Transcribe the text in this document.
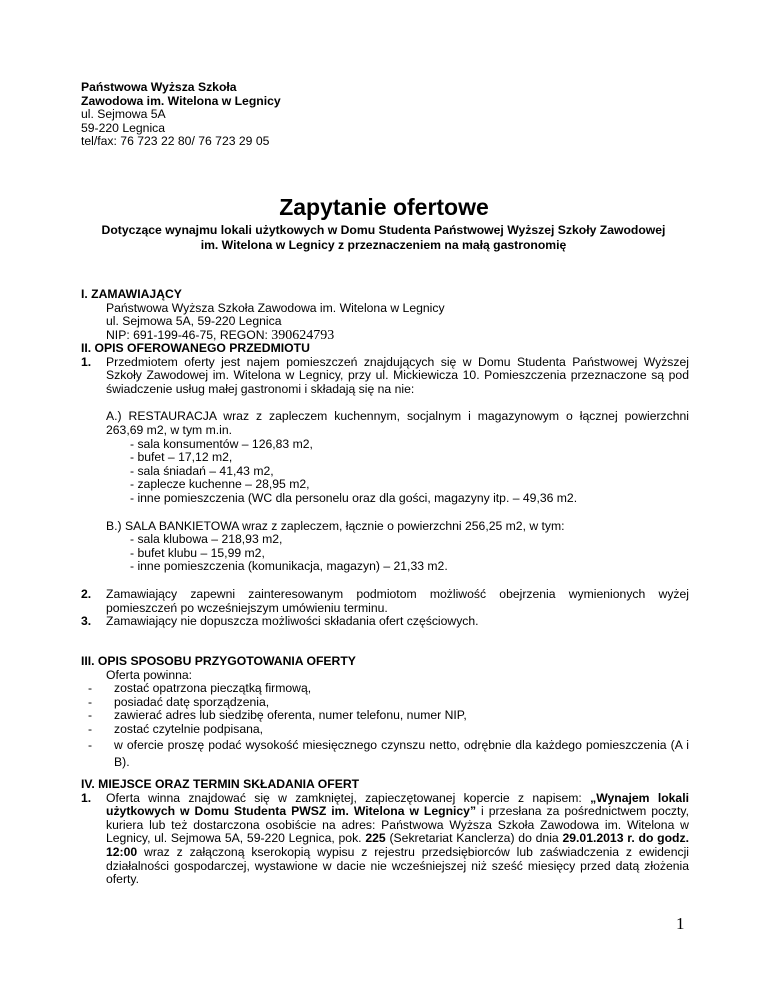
Państwowa Wyższa Szkoła
Zawodowa im. Witelona w Legnicy
ul. Sejmowa 5A
59-220 Legnica
tel/fax: 76 723 22 80/ 76 723 29 05
Zapytanie ofertowe
Dotyczące wynajmu lokali użytkowych w Domu Studenta Państwowej Wyższej Szkoły Zawodowej
im. Witelona w Legnicy z przeznaczeniem na małą gastronomię
I. ZAMAWIAJĄCY
Państwowa Wyższa Szkoła Zawodowa im. Witelona w Legnicy
ul. Sejmowa 5A, 59-220 Legnica
NIP: 691-199-46-75, REGON: 390624793
II. OPIS OFEROWANEGO PRZEDMIOTU
1. Przedmiotem oferty jest najem pomieszczeń znajdujących się w Domu Studenta Państwowej Wyższej Szkoły Zawodowej im. Witelona w Legnicy, przy ul. Mickiewicza 10. Pomieszczenia przeznaczone są pod świadczenie usług małej gastronomi i składają się na nie:

A.) RESTAURACJA wraz z zapleczem kuchennym, socjalnym i magazynowym o łącznej powierzchni 263,69 m2, w tym m.in.

- sala konsumentów – 126,83 m2,
- bufet – 17,12 m2,
- sala śniadań – 41,43 m2,
- zaplecze kuchenne – 28,95 m2,
- inne pomieszczenia (WC dla personelu oraz dla gości, magazyny itp. – 49,36 m2.

B.) SALA BANKIETOWA wraz z zapleczem, łącznie o powierzchni 256,25 m2, w tym:

- sala klubowa – 218,93 m2,
- bufet klubu – 15,99 m2,
- inne pomieszczenia (komunikacja, magazyn) – 21,33 m2.
2. Zamawiający zapewni zainteresowanym podmiotom możliwość obejrzenia wymienionych wyżej pomieszczeń po wcześniejszym umówieniu terminu.

3. Zamawiający nie dopuszcza możliwości składania ofert częściowych.

III. OPIS SPOSOBU PRZYGOTOWANIA OFERTY
Oferta powinna:
- zostać opatrzona pieczątką firmową,
- posiadać datę sporządzenia,
- zawierać adres lub siedzibę oferenta, numer telefonu, numer NIP,
- zostać czytelnie podpisana,
- w ofercie proszę podać wysokość miesięcznego czynszu netto, odrębnie dla każdego pomieszczenia (A i B).
IV. MIEJSCE ORAZ TERMIN SKŁADANIA OFERT
1. Oferta winna znajdować się w zamkniętej, zapieczętowanej kopercie z napisem: „Wynajem lokali użytkowych w Domu Studenta PWSZ im. Witelona w Legnicy” i przesłana za pośrednictwem poczty, kuriera lub też dostarczona osobiście na adres: Państwowa Wyższa Szkoła Zawodowa im. Witelona w Legnicy, ul. Sejmowa 5A, 59-220 Legnica, pok. 225 (Sekretariat Kanclerza) do dnia 29.01.2013 r. do godz. 12:00 wraz z załączoną kserokopią wypisu z rejestru przedsiębiorców lub zaświadczenia z ewidencji działalności gospodarczej, wystawione w dacie nie wcześniejszej niż sześć miesięcy przed datą złożenia oferty.

1
